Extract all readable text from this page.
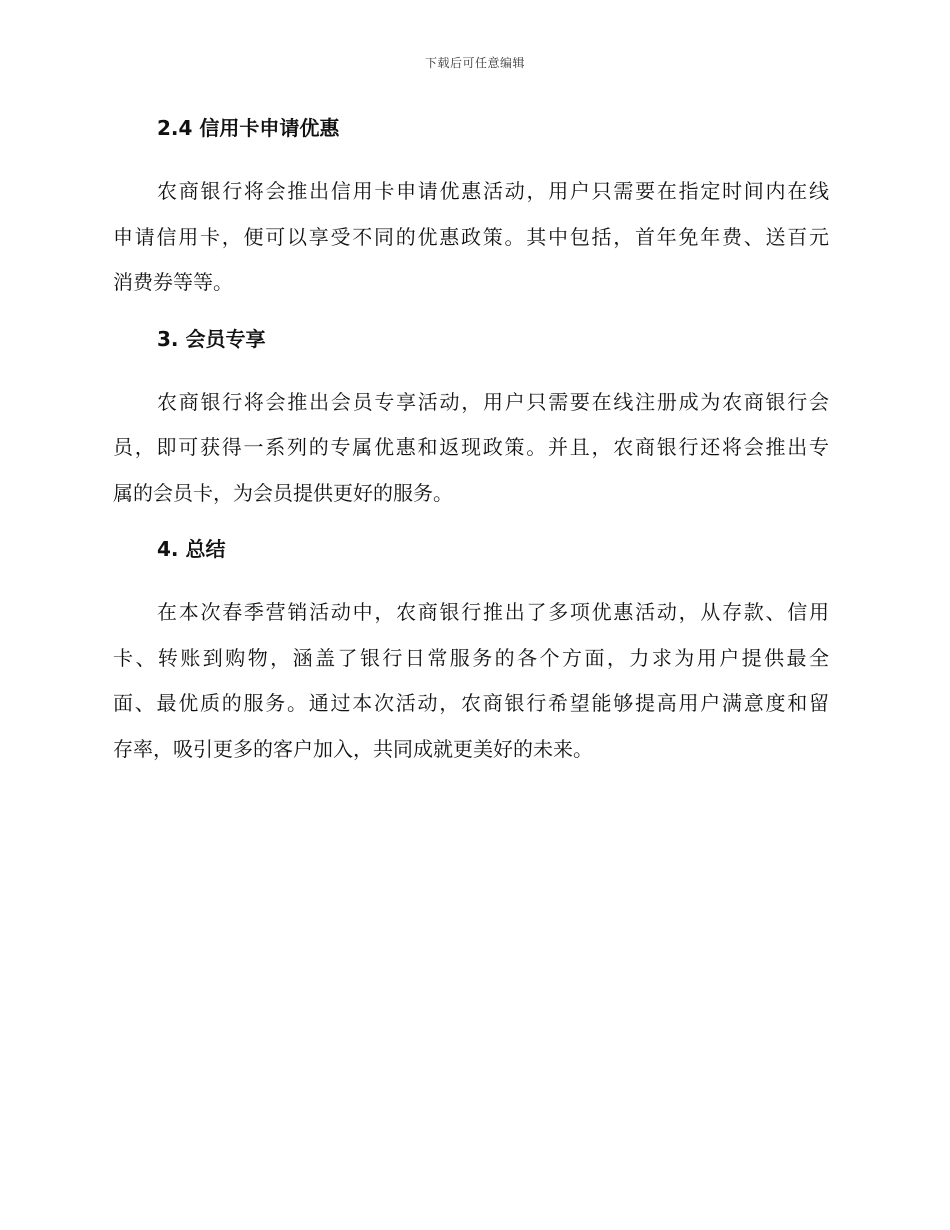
下载后可任意编辑
2.4 信用卡申请优惠
农商银行将会推出信用卡申请优惠活动，用户只需要在指定时间内在线
申请信用卡，便可以享受不同的优惠政策。其中包括，首年免年费、送百元
消费券等等。
3. 会员专享
农商银行将会推出会员专享活动，用户只需要在线注册成为农商银行会
员，即可获得一系列的专属优惠和返现政策。并且，农商银行还将会推出专
属的会员卡，为会员提供更好的服务。
4. 总结
在本次春季营销活动中，农商银行推出了多项优惠活动，从存款、信用
卡、转账到购物，涵盖了银行日常服务的各个方面，力求为用户提供最全
面、最优质的服务。通过本次活动，农商银行希望能够提高用户满意度和留
存率，吸引更多的客户加入，共同成就更美好的未来。
